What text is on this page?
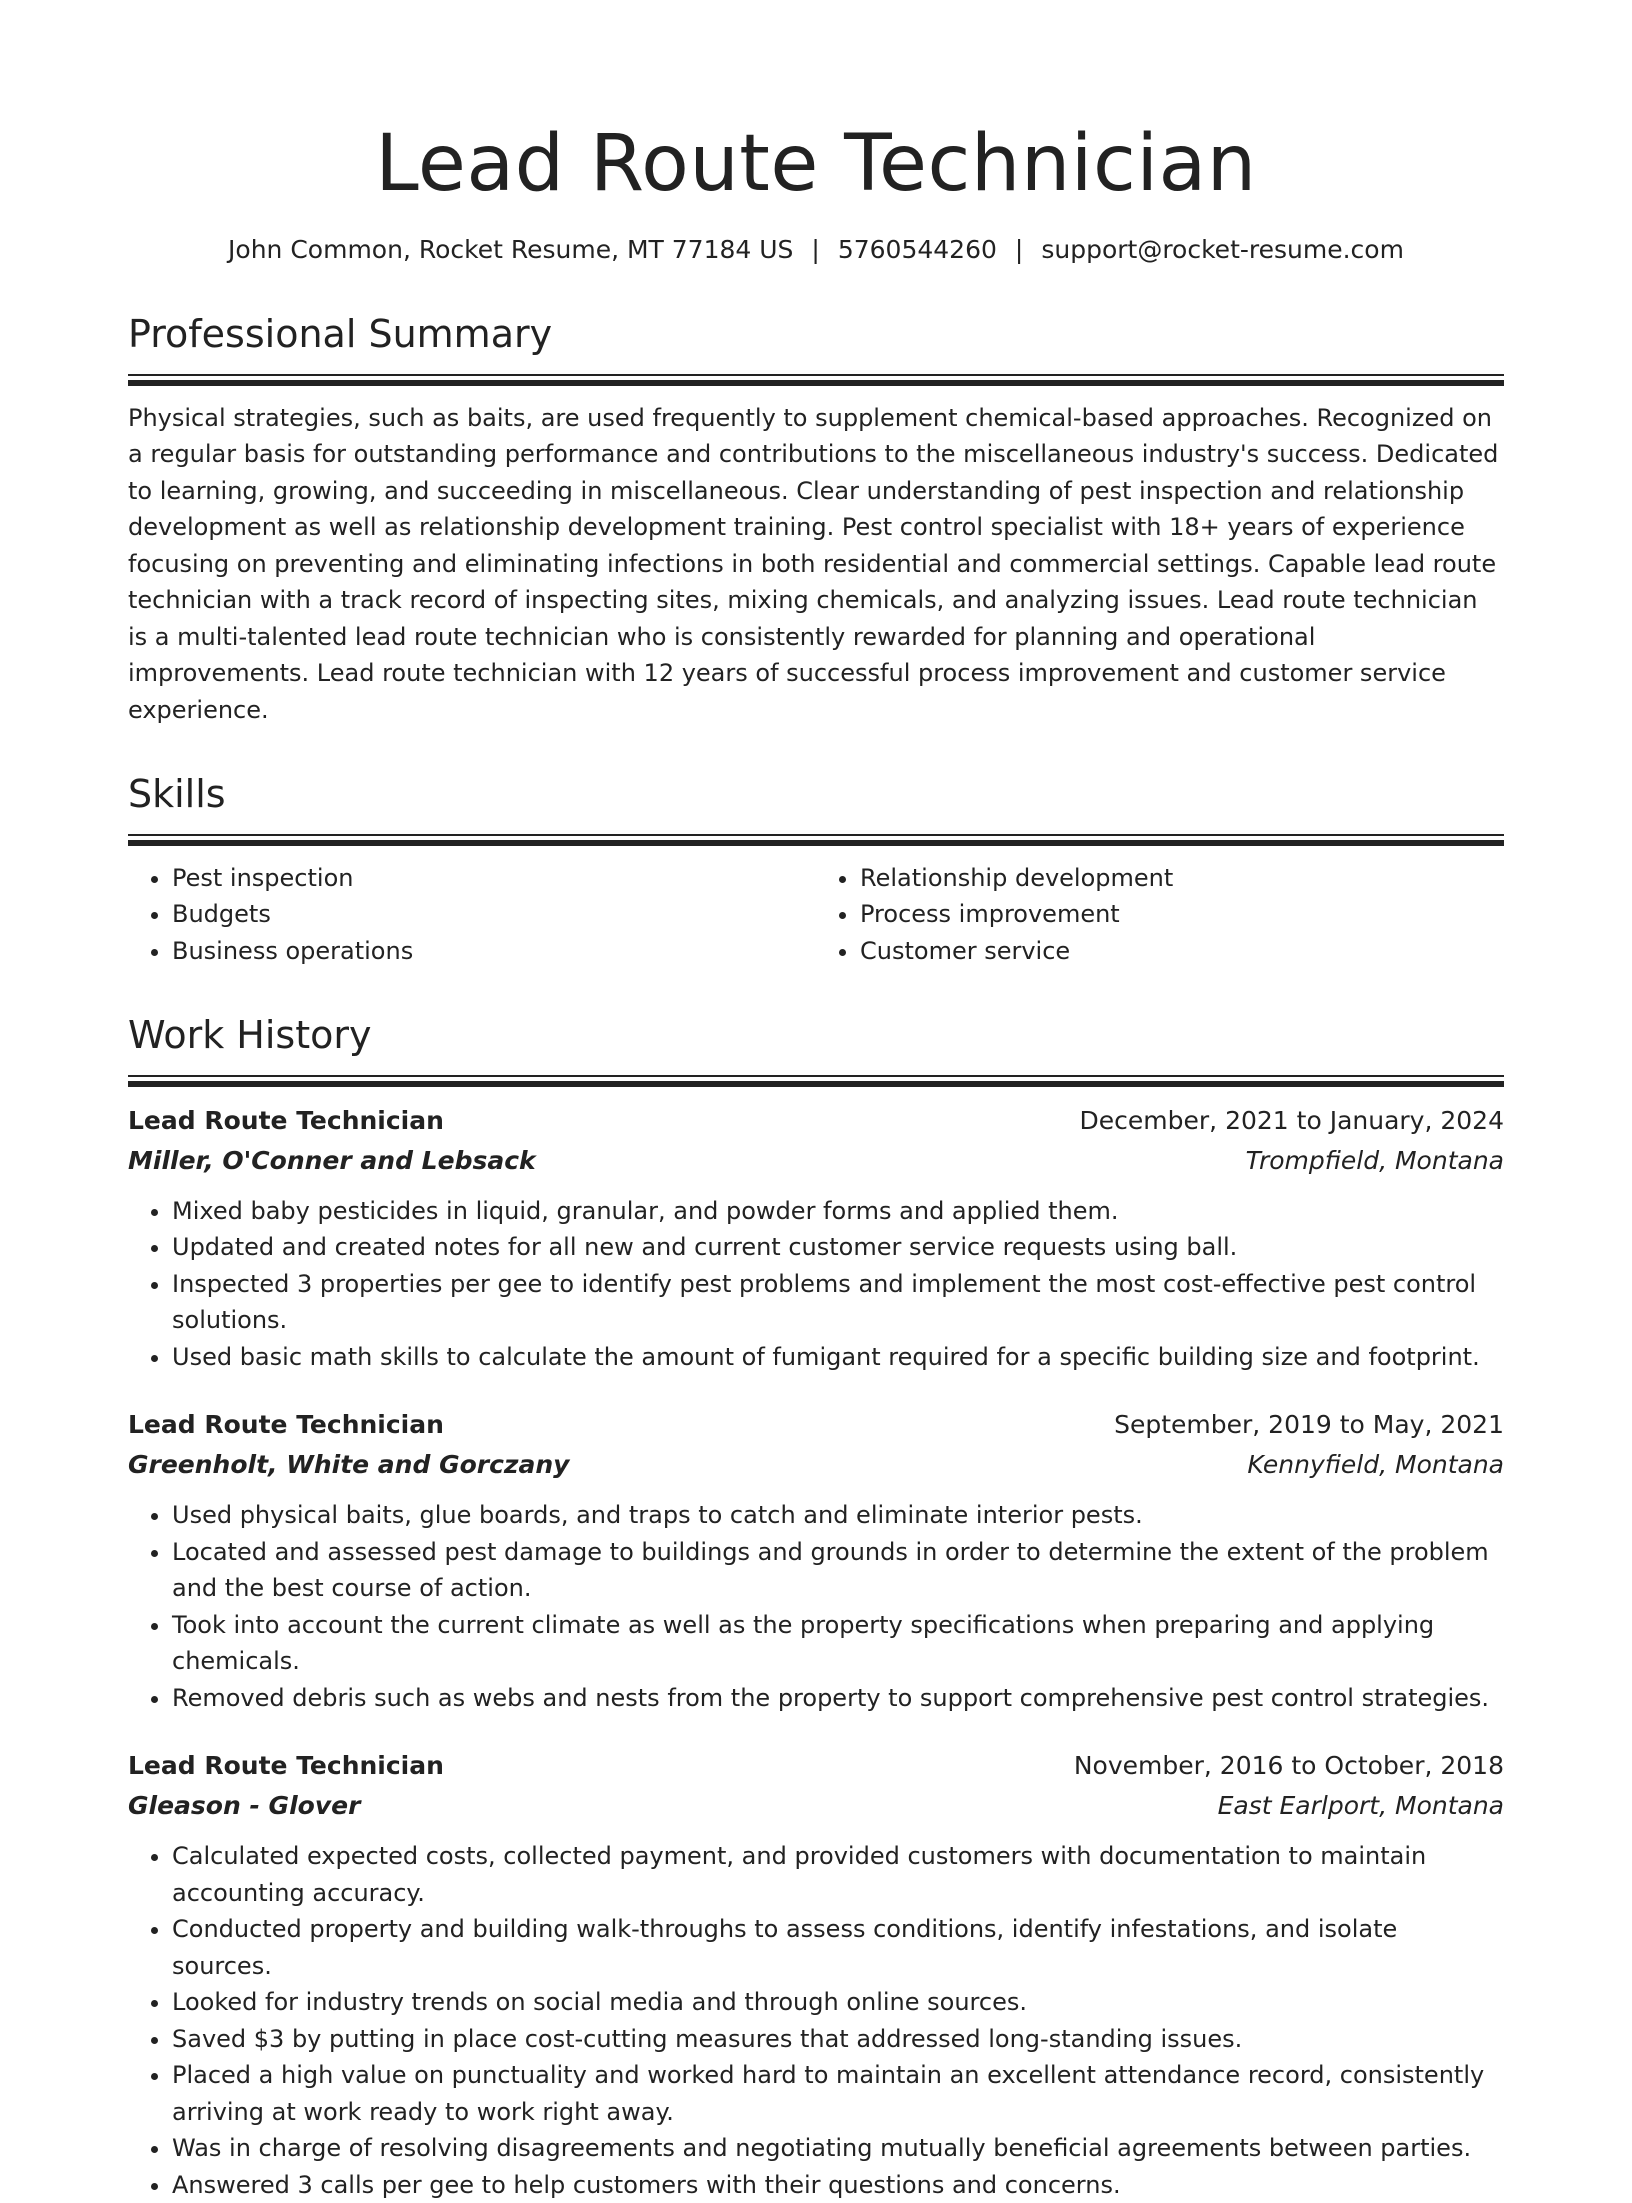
Lead Route Technician
John Common, Rocket Resume, MT 77184 US | 5760544260 | support@rocket-resume.com
Professional Summary

Physical strategies, such as baits, are used frequently to supplement chemical-based approaches. Recognized on a regular basis for outstanding performance and contributions to the miscellaneous industry's success. Dedicated to learning, growing, and succeeding in miscellaneous. Clear understanding of pest inspection and relationship development as well as relationship development training. Pest control specialist with 18+ years of experience focusing on preventing and eliminating infections in both residential and commercial settings. Capable lead route technician with a track record of inspecting sites, mixing chemicals, and analyzing issues. Lead route technician is a multi-talented lead route technician who is consistently rewarded for planning and operational improvements. Lead route technician with 12 years of successful process improvement and customer service experience.

Skills
• Pest inspection
• Budgets
• Business operations
• Relationship development
• Process improvement
• Customer service
Work History
Lead Route Technician	December, 2021 to January, 2024
Miller, O'Conner and Lebsack	Trompfield, Montana
• Mixed baby pesticides in liquid, granular, and powder forms and applied them.
• Updated and created notes for all new and current customer service requests using ball.
• Inspected 3 properties per gee to identify pest problems and implement the most cost-effective pest control solutions.
• Used basic math skills to calculate the amount of fumigant required for a specific building size and footprint.
Lead Route Technician	September, 2019 to May, 2021
Greenholt, White and Gorczany	Kennyfield, Montana
• Used physical baits, glue boards, and traps to catch and eliminate interior pests.
• Located and assessed pest damage to buildings and grounds in order to determine the extent of the problem and the best course of action.
• Took into account the current climate as well as the property specifications when preparing and applying chemicals.
• Removed debris such as webs and nests from the property to support comprehensive pest control strategies.
Lead Route Technician	November, 2016 to October, 2018
Gleason - Glover	East Earlport, Montana
• Calculated expected costs, collected payment, and provided customers with documentation to maintain accounting accuracy.
• Conducted property and building walk-throughs to assess conditions, identify infestations, and isolate sources.
• Looked for industry trends on social media and through online sources.
• Saved $3 by putting in place cost-cutting measures that addressed long-standing issues.
• Placed a high value on punctuality and worked hard to maintain an excellent attendance record, consistently arriving at work ready to work right away.
• Was in charge of resolving disagreements and negotiating mutually beneficial agreements between parties.
• Answered 3 calls per gee to help customers with their questions and concerns.
